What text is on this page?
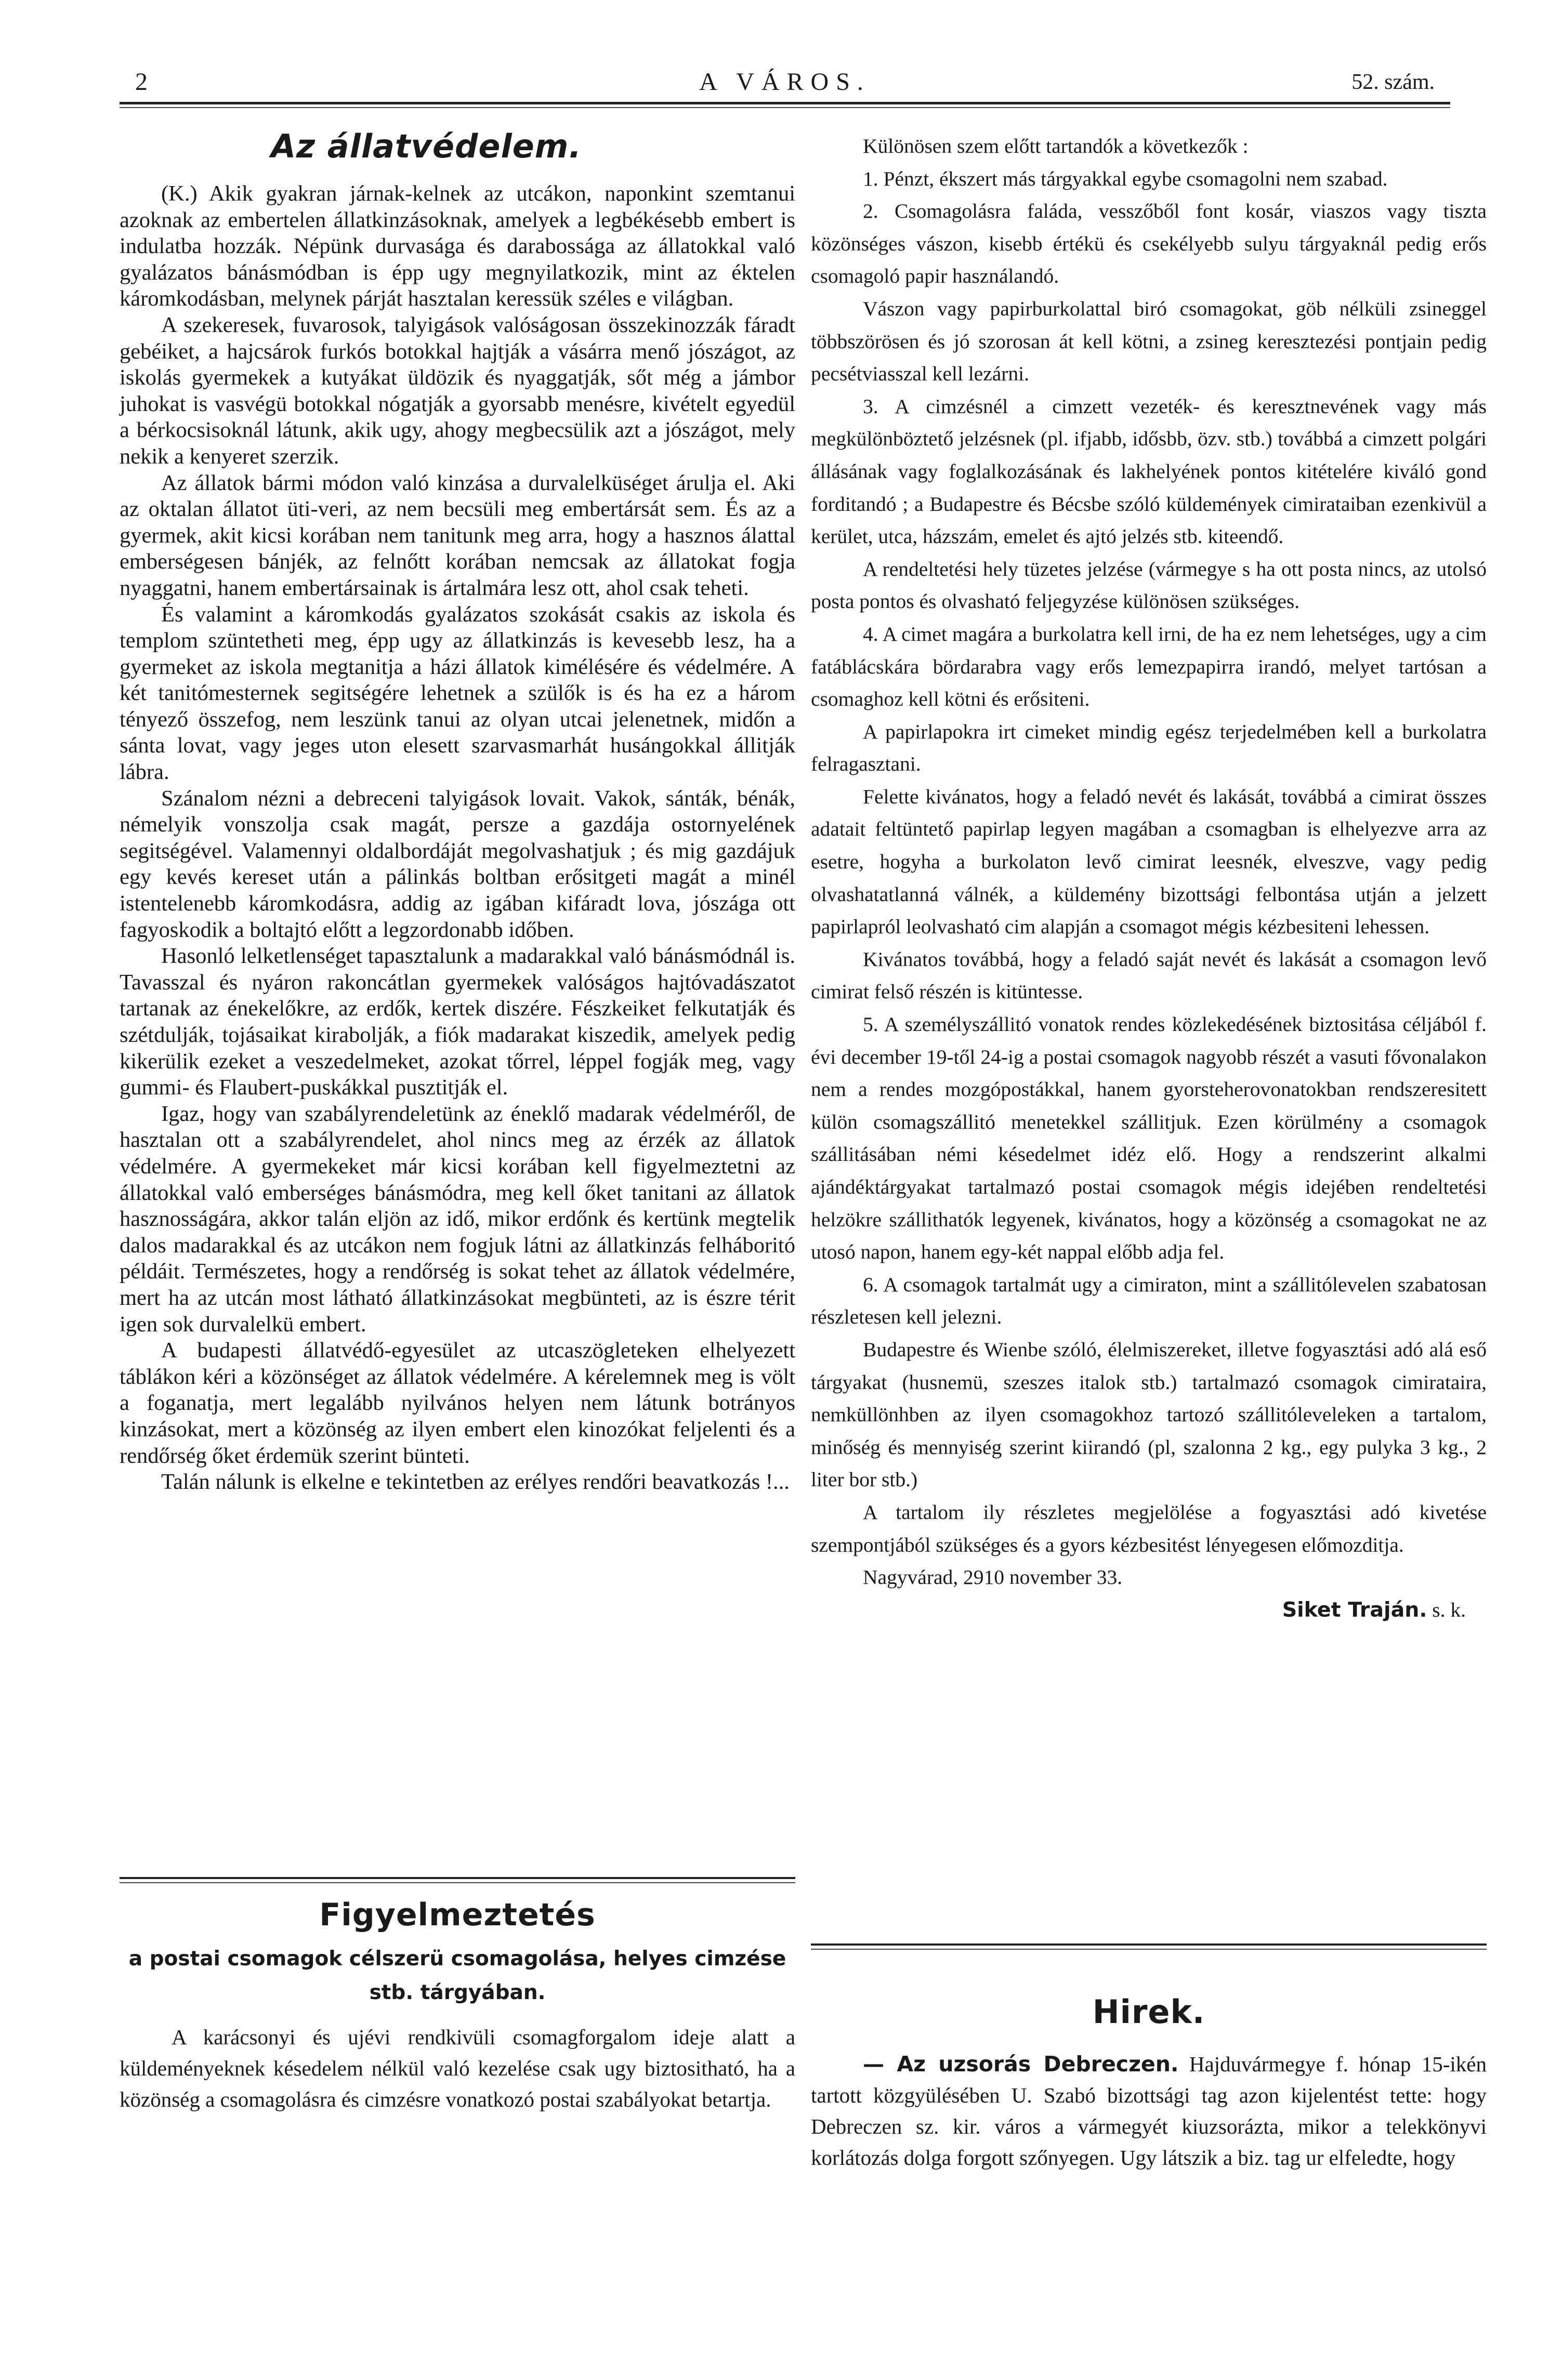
2	A VÁROS.	52. szám.
Az állatvédelem.

(K.) Akik gyakran járnak-kelnek az utcákon, naponkint szemtanui azoknak az embertelen állatkinzásoknak, amelyek a legbékésebb embert is indulatba hozzák. Népünk durvasága és darabossága az állatokkal való gyalázatos bánásmódban is épp ugy megnyilatkozik, mint az éktelen káromkodásban, melynek párját hasztalan keressük széles e világban.

A szekeresek, fuvarosok, talyigások valóságosan összekinozzák fáradt gebéiket, a hajcsárok furkós botokkal hajtják a vásárra menő jószágot, az iskolás gyermekek a kutyákat üldözik és nyaggatják, sőt még a jámbor juhokat is vasvégü botokkal nógatják a gyorsabb menésre, kivételt egyedül a bérkocsisoknál látunk, akik ugy, ahogy megbecsülik azt a jószágot, mely nekik a kenyeret szerzik.

Az állatok bármi módon való kinzása a durvalelküséget árulja el. Aki az oktalan állatot üti-veri, az nem becsüli meg embertársát sem. És az a gyermek, akit kicsi korában nem tanitunk meg arra, hogy a hasznos álattal emberségesen bánjék, az felnőtt korában nemcsak az állatokat fogja nyaggatni, hanem embertársainak is ártalmára lesz ott, ahol csak teheti.

És valamint a káromkodás gyalázatos szokását csakis az iskola és templom szüntetheti meg, épp ugy az állatkinzás is kevesebb lesz, ha a gyermeket az iskola megtanitja a házi állatok kimélésére és védelmére. A két tanitómesternek segitségére lehetnek a szülők is és ha ez a három tényező összefog, nem leszünk tanui az olyan utcai jelenetnek, midőn a sánta lovat, vagy jeges uton elesett szarvasmarhát husángokkal állitják lábra.

Szánalom nézni a debreceni talyigások lovait. Vakok, sánták, bénák, némelyik vonszolja csak magát, persze a gazdája ostornyelének segitségével. Valamennyi oldalbordáját megolvashatjuk ; és mig gazdájuk egy kevés kereset után a pálinkás boltban erősitgeti magát a minél istentelenebb káromkodásra, addig az igában kifáradt lova, jószága ott fagyoskodik a boltajtó előtt a legzordonabb időben.

Hasonló lelketlenséget tapasztalunk a madarakkal való bánásmódnál is. Tavasszal és nyáron rakoncátlan gyermekek valóságos hajtóvadászatot tartanak az énekelőkre, az erdők, kertek diszére. Fészkeiket felkutatják és szétdulják, tojásaikat kirabolják, a fiók madarakat kiszedik, amelyek pedig kikerülik ezeket a veszedelmeket, azokat tőrrel, léppel fogják meg, vagy gummi- és Flaubert-puskákkal pusztitják el.

Igaz, hogy van szabályrendeletünk az éneklő madarak védelméről, de hasztalan ott a szabályrendelet, ahol nincs meg az érzék az állatok védelmére. A gyermekeket már kicsi korában kell figyelmeztetni az állatokkal való emberséges bánásmódra, meg kell őket tanitani az állatok hasznosságára, akkor talán eljön az idő, mikor erdőnk és kertünk megtelik dalos madarakkal és az utcákon nem fogjuk látni az állatkinzás felháboritó példáit. Természetes, hogy a rendőrség is sokat tehet az állatok védelmére, mert ha az utcán most látható állatkinzásokat megbünteti, az is észre térit igen sok durvalelkü embert.

A budapesti állatvédő-egyesület az utcaszögleteken elhelyezett táblákon kéri a közönséget az állatok védelmére. A kérelemnek meg is völt a foganatja, mert legalább nyilvános helyen nem látunk botrányos kinzásokat, mert a közönség az ilyen embert elen kinozókat feljelenti és a rendőrség őket érdemük szerint bünteti.

Talán nálunk is elkelne e tekintetben az erélyes rendőri beavatkozás !...

Figyelmeztetés
a postai csomagok célszerü csomagolása, helyes cimzése
stb. tárgyában.

A karácsonyi és ujévi rendkivüli csomagforgalom ideje alatt a küldeményeknek késedelem nélkül való kezelése csak ugy biztositható, ha a közönség a csomagolásra és cimzésre vonatkozó postai szabályokat betartja.

Különösen szem előtt tartandók a következők :

1. Pénzt, ékszert más tárgyakkal egybe csomagolni nem szabad.

2. Csomagolásra faláda, vesszőből font kosár, viaszos vagy tiszta közönséges vászon, kisebb értékü és csekélyebb sulyu tárgyaknál pedig erős csomagoló papir használandó.

Vászon vagy papirburkolattal biró csomagokat, göb nélküli zsineggel többszörösen és jó szorosan át kell kötni, a zsineg keresztezési pontjain pedig pecsétviasszal kell lezárni.

3. A cimzésnél a cimzett vezeték- és keresztnevének vagy más megkülönböztető jelzésnek (pl. ifjabb, idősbb, özv. stb.) továbbá a cimzett polgári állásának vagy foglalkozásának és lakhelyének pontos kitételére kiváló gond forditandó ; a Budapestre és Bécsbe szóló küldemények cimirataiban ezenkivül a kerület, utca, házszám, emelet és ajtó jelzés stb. kiteendő.

A rendeltetési hely tüzetes jelzése (vármegye s ha ott posta nincs, az utolsó posta pontos és olvasható feljegyzése különösen szükséges.

4. A cimet magára a burkolatra kell irni, de ha ez nem lehetséges, ugy a cim fatáblácskára bördarabra vagy erős lemezpapirra irandó, melyet tartósan a csomaghoz kell kötni és erősiteni.

A papirlapokra irt cimeket mindig egész terjedelmében kell a burkolatra felragasztani.

Felette kivánatos, hogy a feladó nevét és lakását, továbbá a cimirat összes adatait feltüntető papirlap legyen magában a csomagban is elhelyezve arra az esetre, hogyha a burkolaton levő cimirat leesnék, elveszve, vagy pedig olvashatatlanná válnék, a küldemény bizottsági felbontása utján a jelzett papirlapról leolvasható cim alapján a csomagot mégis kézbesiteni lehessen.

Kivánatos továbbá, hogy a feladó saját nevét és lakását a csomagon levő cimirat felső részén is kitüntesse.

5. A személyszállitó vonatok rendes közlekedésének biztositása céljából f. évi december 19-től 24-ig a postai csomagok nagyobb részét a vasuti fővonalakon nem a rendes mozgópostákkal, hanem gyorsteherovonatokban rendszeresitett külön csomagszállitó menetekkel szállitjuk. Ezen körülmény a csomagok szállitásában némi késedelmet idéz elő. Hogy a rendszerint alkalmi ajándéktárgyakat tartalmazó postai csomagok mégis idejében rendeltetési helzökre szállithatók legyenek, kivánatos, hogy a közönség a csomagokat ne az utosó napon, hanem egy-két nappal előbb adja fel.

6. A csomagok tartalmát ugy a cimiraton, mint a szállitólevelen szabatosan részletesen kell jelezni.

Budapestre és Wienbe szóló, élelmiszereket, illetve fogyasztási adó alá eső tárgyakat (husnemü, szeszes italok stb.) tartalmazó csomagok cimirataira, nemküllönhben az ilyen csomagokhoz tartozó szállitóleveleken a tartalom, minőség és mennyiség szerint kiirandó (pl, szalonna 2 kg., egy pulyka 3 kg., 2 liter bor stb.)

A tartalom ily részletes megjelölése a fogyasztási adó kivetése szempontjából szükséges és a gyors kézbesitést lényegesen előmozditja.

Nagyvárad, 2910 november 33.

Siket Traján. s. k.

Hirek.

— Az uzsorás Debreczen. Hajduvármegye f. hónap 15-ikén tartott közgyülésében U. Szabó bizottsági tag azon kijelentést tette: hogy Debreczen sz. kir. város a vármegyét kiuzsorázta, mikor a telekkönyvi korlátozás dolga forgott szőnyegen. Ugy látszik a biz. tag ur elfeledte, hogy
